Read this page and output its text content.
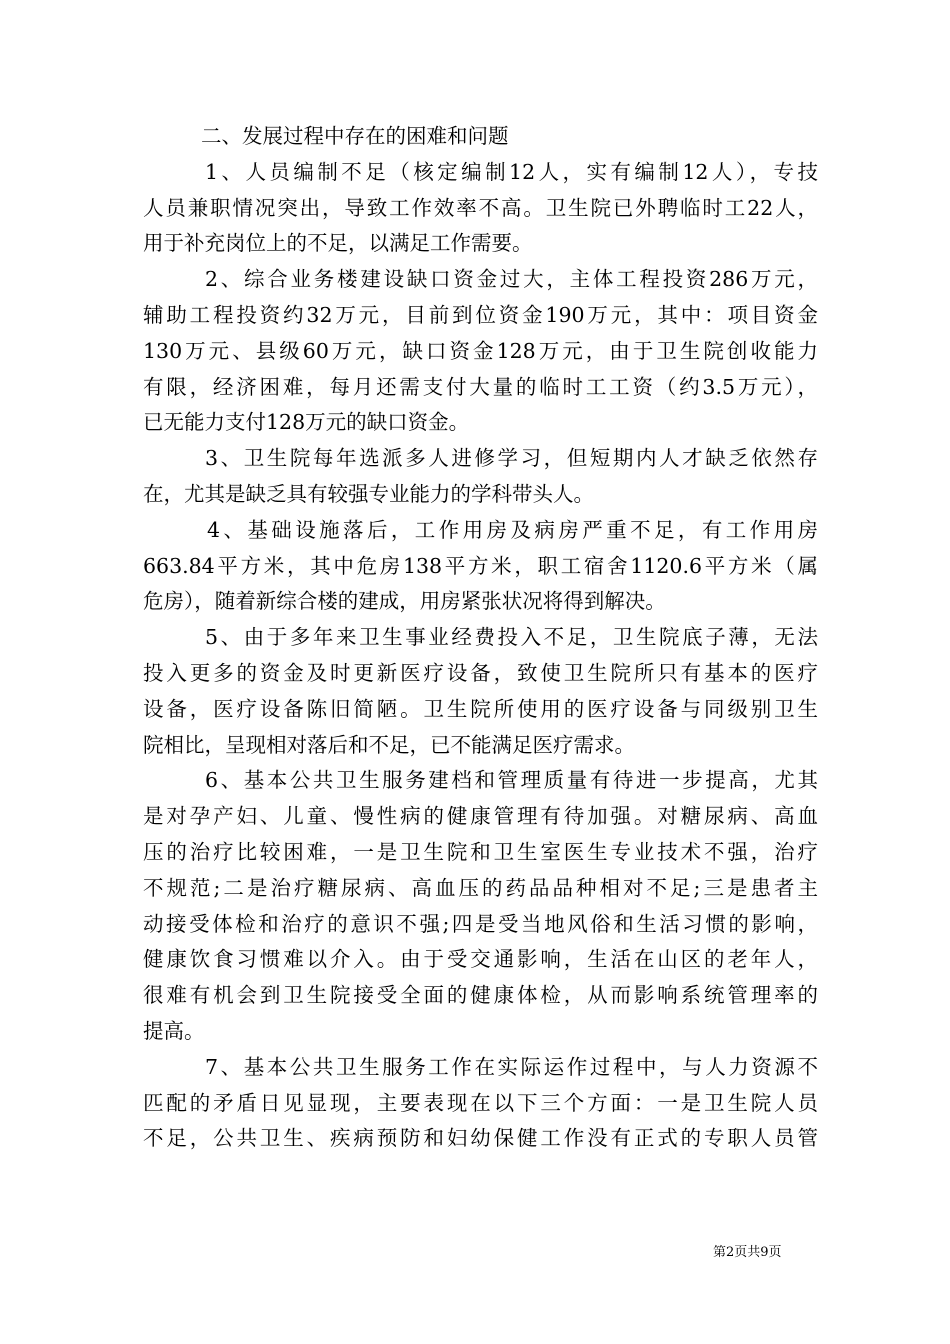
二、发展过程中存在的困难和问题
1、人员编制不足（核定编制12人，实有编制12人），专技
人员兼职情况突出，导致工作效率不高。卫生院已外聘临时工22人，
用于补充岗位上的不足，以满足工作需要。
2、综合业务楼建设缺口资金过大，主体工程投资286万元，
辅助工程投资约32万元，目前到位资金190万元，其中：项目资金
130万元、县级60万元，缺口资金128万元，由于卫生院创收能力
有限，经济困难，每月还需支付大量的临时工工资（约3.5万元），
已无能力支付128万元的缺口资金。
3、卫生院每年选派多人进修学习，但短期内人才缺乏依然存
在，尤其是缺乏具有较强专业能力的学科带头人。
4、基础设施落后，工作用房及病房严重不足，有工作用房
663.84平方米，其中危房138平方米，职工宿舍1120.6平方米（属
危房），随着新综合楼的建成，用房紧张状况将得到解决。
5、由于多年来卫生事业经费投入不足，卫生院底子薄，无法
投入更多的资金及时更新医疗设备，致使卫生院所只有基本的医疗
设备，医疗设备陈旧简陋。卫生院所使用的医疗设备与同级别卫生
院相比，呈现相对落后和不足，已不能满足医疗需求。
6、基本公共卫生服务建档和管理质量有待进一步提高，尤其
是对孕产妇、儿童、慢性病的健康管理有待加强。对糖尿病、高血
压的治疗比较困难，一是卫生院和卫生室医生专业技术不强，治疗
不规范;二是治疗糖尿病、高血压的药品品种相对不足;三是患者主
动接受体检和治疗的意识不强;四是受当地风俗和生活习惯的影响，
健康饮食习惯难以介入。由于受交通影响，生活在山区的老年人，
很难有机会到卫生院接受全面的健康体检，从而影响系统管理率的
提高。
7、基本公共卫生服务工作在实际运作过程中，与人力资源不
匹配的矛盾日见显现，主要表现在以下三个方面：一是卫生院人员
不足，公共卫生、疾病预防和妇幼保健工作没有正式的专职人员管
第2页共9页
